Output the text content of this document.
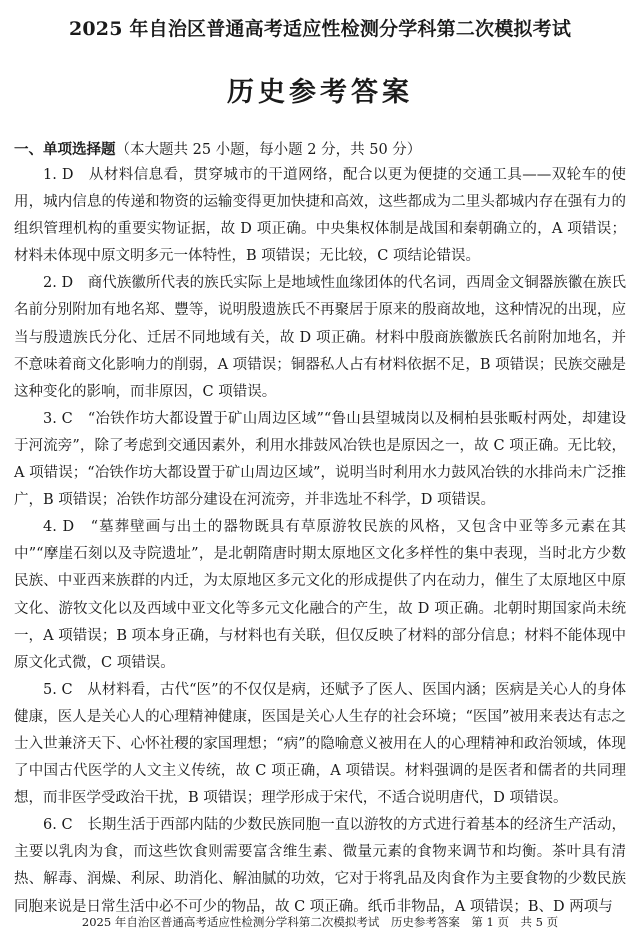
2025 年自治区普通高考适应性检测分学科第二次模拟考试
历史参考答案
一、单项选择题（本大题共 25 小题，每小题 2 分，共 50 分）

1. D　 从材料信息看，贯穿城市的干道网络，配合以更为便捷的交通工具——双轮车的使用，城内信息的传递和物资的运输变得更加快捷和高效，这些都成为二里头都城内存在强有力的组织管理机构的重要实物证据，故 D 项正确。中央集权体制是战国和秦朝确立的，A 项错误；材料未体现中原文明多元一体特性，B 项错误；无比较，C 项结论错误。

2. D　 商代族徽所代表的族氏实际上是地域性血缘团体的代名词，西周金文铜器族徽在族氏名前分别附加有地名郑、豐等，说明殷遗族氏不再聚居于原来的殷商故地，这种情况的出现，应当与殷遗族氏分化、迁居不同地域有关，故 D 项正确。材料中殷商族徽族氏名前附加地名，并不意味着商文化影响力的削弱，A 项错误；铜器私人占有材料依据不足，B 项错误；民族交融是这种变化的影响，而非原因，C 项错误。

3. C　 “冶铁作坊大都设置于矿山周边区域”“鲁山县望城岗以及桐柏县张畈村两处，却建设于河流旁”，除了考虑到交通因素外，利用水排鼓风冶铁也是原因之一，故 C 项正确。无比较，A 项错误；“冶铁作坊大都设置于矿山周边区域”，说明当时利用水力鼓风冶铁的水排尚未广泛推广，B 项错误；冶铁作坊部分建设在河流旁，并非选址不科学，D 项错误。

4. D　 “墓葬壁画与出土的器物既具有草原游牧民族的风格，又包含中亚等多元素在其中”“摩崖石刻以及寺院遗址”，是北朝隋唐时期太原地区文化多样性的集中表现，当时北方少数民族、中亚西来族群的内迁，为太原地区多元文化的形成提供了内在动力，催生了太原地区中原文化、游牧文化以及西域中亚文化等多元文化融合的产生，故 D 项正确。北朝时期国家尚未统一，A 项错误；B 项本身正确，与材料也有关联，但仅反映了材料的部分信息；材料不能体现中原文化式微，C 项错误。

5. C　 从材料看，古代“医”的不仅仅是病，还赋予了医人、医国内涵；医病是关心人的身体健康，医人是关心人的心理精神健康，医国是关心人生存的社会环境；“医国”被用来表达有志之士入世兼济天下、心怀社稷的家国理想；“病”的隐喻意义被用在人的心理精神和政治领域，体现了中国古代医学的人文主义传统，故 C 项正确，A 项错误。材料强调的是医者和儒者的共同理想，而非医学受政治干扰，B 项错误；理学形成于宋代，不适合说明唐代，D 项错误。

6. C　 长期生活于西部内陆的少数民族同胞一直以游牧的方式进行着基本的经济生产活动，主要以乳肉为食，而这些饮食则需要富含维生素、微量元素的食物来调节和均衡。茶叶具有清热、解毒、润燥、利尿、助消化、解油腻的功效，它对于将乳品及肉食作为主要食物的少数民族同胞来说是日常生活中必不可少的物品，故 C 项正确。纸币非物品，A 项错误；B、D 两项与

2025 年自治区普通高考适应性检测分学科第二次模拟考试　历史参考答案　第 1 页　共 5 页
